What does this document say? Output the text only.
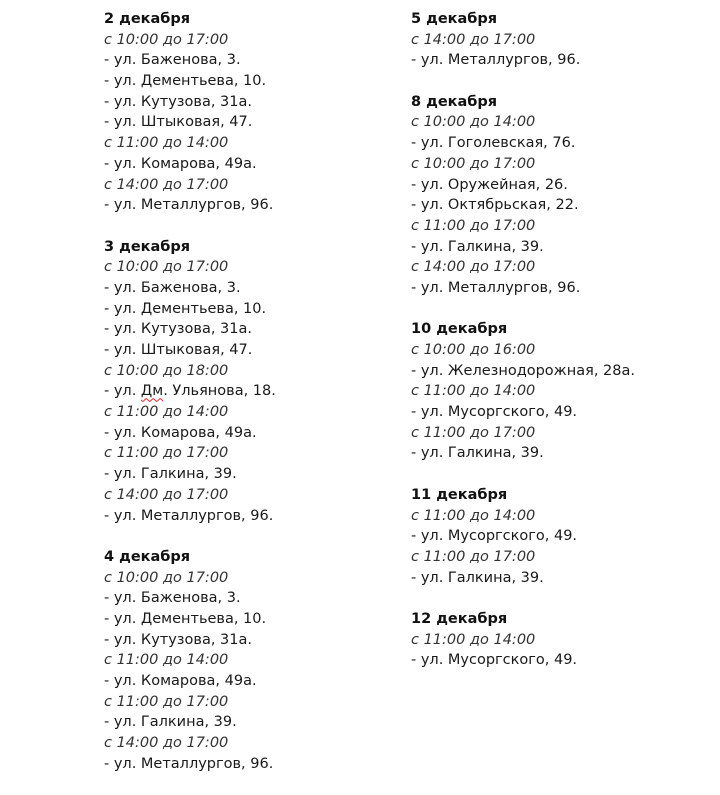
2 декабря
с 10:00 до 17:00
- ул. Баженова, 3.
- ул. Дементьева, 10.
- ул. Кутузова, 31а.
- ул. Штыковая, 47.
с 11:00 до 14:00
- ул. Комарова, 49а.
с 14:00 до 17:00
- ул. Металлургов, 96.
3 декабря
с 10:00 до 17:00
- ул. Баженова, 3.
- ул. Дементьева, 10.
- ул. Кутузова, 31а.
- ул. Штыковая, 47.
с 10:00 до 18:00
- ул. Дм. Ульянова, 18.
с 11:00 до 14:00
- ул. Комарова, 49а.
с 11:00 до 17:00
- ул. Галкина, 39.
с 14:00 до 17:00
- ул. Металлургов, 96.
4 декабря
с 10:00 до 17:00
- ул. Баженова, 3.
- ул. Дементьева, 10.
- ул. Кутузова, 31а.
с 11:00 до 14:00
- ул. Комарова, 49а.
с 11:00 до 17:00
- ул. Галкина, 39.
с 14:00 до 17:00
- ул. Металлургов, 96.
5 декабря
с 14:00 до 17:00
- ул. Металлургов, 96.
8 декабря
с 10:00 до 14:00
- ул. Гоголевская, 76.
с 10:00 до 17:00
- ул. Оружейная, 26.
- ул. Октябрьская, 22.
с 11:00 до 17:00
- ул. Галкина, 39.
с 14:00 до 17:00
- ул. Металлургов, 96.
10 декабря
с 10:00 до 16:00
- ул. Железнодорожная, 28а.
с 11:00 до 14:00
- ул. Мусоргского, 49.
с 11:00 до 17:00
- ул. Галкина, 39.
11 декабря
с 11:00 до 14:00
- ул. Мусоргского, 49.
с 11:00 до 17:00
- ул. Галкина, 39.
12 декабря
с 11:00 до 14:00
- ул. Мусоргского, 49.
